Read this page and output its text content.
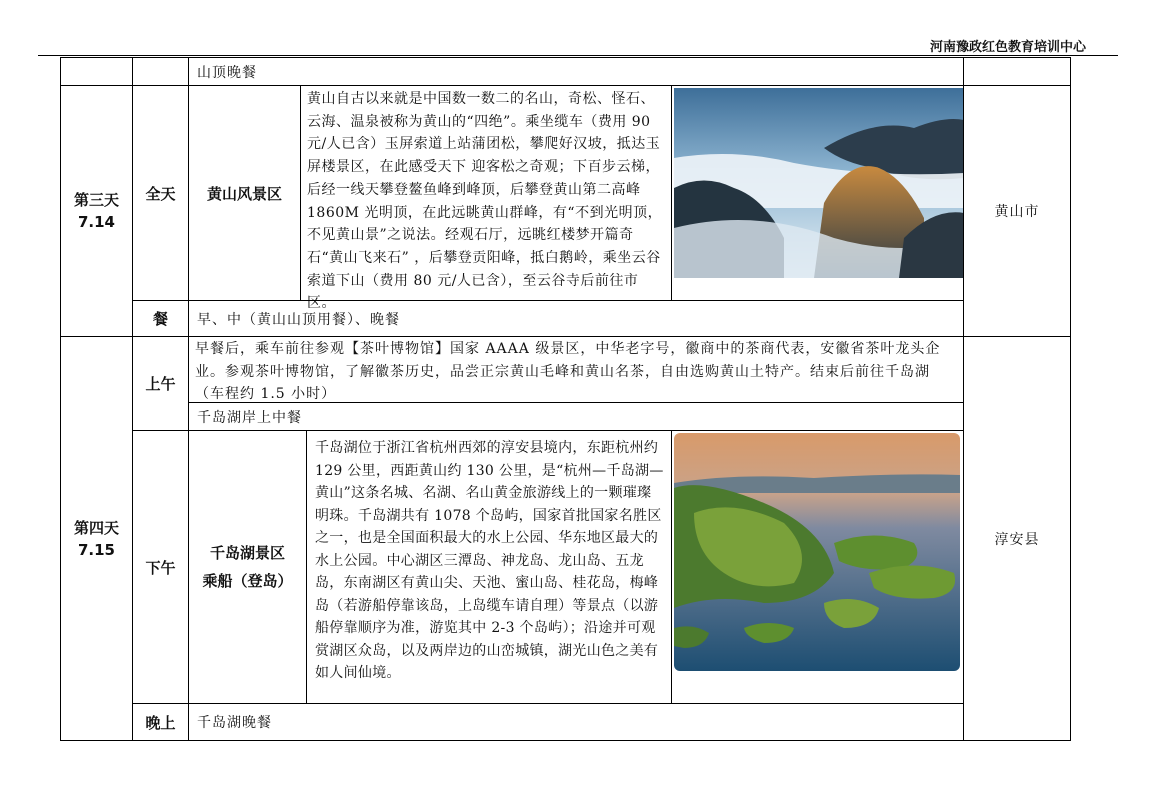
河南豫政红色教育培训中心
山顶晚餐
第三天
7.14
全天 黄山风景区
黄山自古以来就是中国数一数二的名山，奇松、怪石、云海、温泉被称为黄山的“四绝”。乘坐缆车（费用 90 元/人已含）玉屏索道上站蒲团松，攀爬好汉坡，抵达玉屏楼景区，在此感受天下 迎客松之奇观；下百步云梯，后经一线天攀登鳌鱼峰到峰顶，后攀登黄山第二高峰 1860M 光明顶，在此远眺黄山群峰，有“不到光明顶，不见黄山景”之说法。经观石厅，远眺红楼梦开篇奇石“黄山飞来石” ，后攀登贡阳峰，抵白鹅岭，乘坐云谷索道下山（费用 80 元/人已含），至云谷寺后前往市区。
黄山市
餐 早、中（黄山山顶用餐）、晚餐
第四天
7.15
上午
早餐后，乘车前往参观【茶叶博物馆】国家 AAAA 级景区，中华老字号，徽商中的茶商代表，安徽省茶叶龙头企业。参观茶叶博物馆，了解徽茶历史，品尝正宗黄山毛峰和黄山名茶，自由选购黄山土特产。结束后前往千岛湖（车程约 1.5 小时）
千岛湖岸上中餐
下午
千岛湖景区
乘船（登岛）
千岛湖位于浙江省杭州西郊的淳安县境内，东距杭州约 129 公里，西距黄山约 130 公里，是“杭州—千岛湖—黄山”这条名城、名湖、名山黄金旅游线上的一颗璀璨明珠。千岛湖共有 1078 个岛屿，国家首批国家名胜区之一，也是全国面积最大的水上公园、华东地区最大的水上公园。中心湖区三潭岛、神龙岛、龙山岛、五龙岛，东南湖区有黄山尖、天池、蜜山岛、桂花岛，梅峰岛（若游船停靠该岛，上岛缆车请自理）等景点（以游船停靠顺序为准，游览其中 2-3 个岛屿）；沿途并可观赏湖区众岛，以及两岸边的山峦城镇，湖光山色之美有如人间仙境。
淳安县
晚上 千岛湖晚餐
